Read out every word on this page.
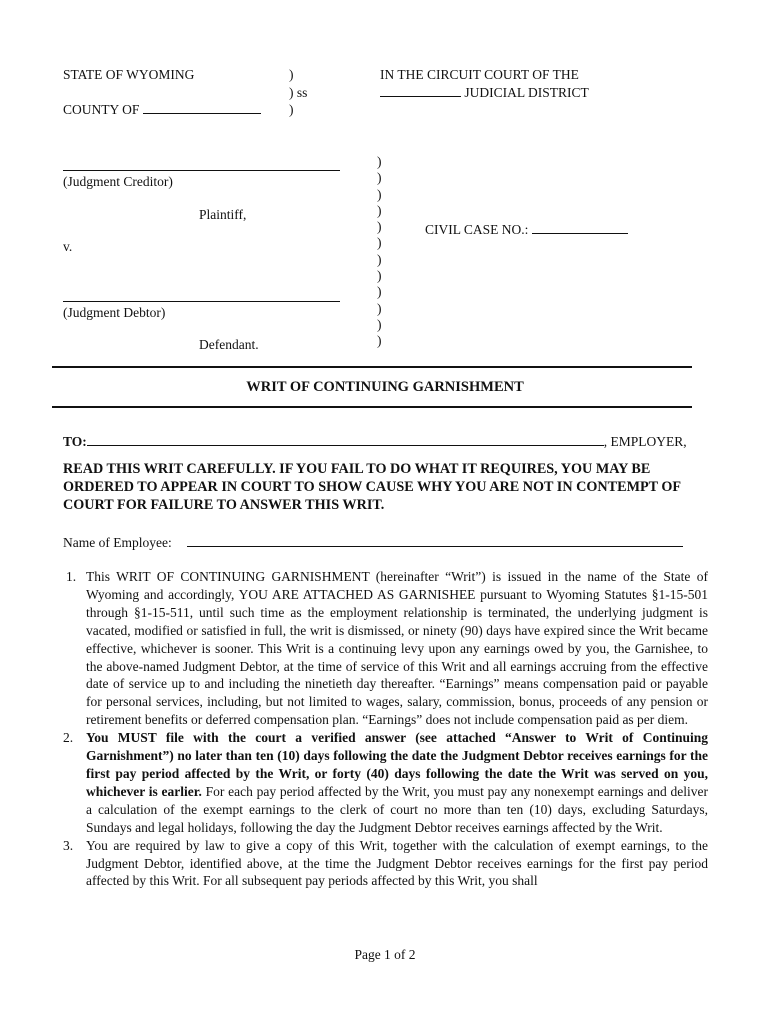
STATE OF WYOMING
COUNTY OF
)
) ss
)
IN THE CIRCUIT COURT OF THE
JUDICIAL DISTRICT
(Judgment Creditor)
Plaintiff,
v.
(Judgment Debtor)
Defendant.
)
)
)
)
)
)
)
)
)
)
)
)
CIVIL CASE NO.:
WRIT OF CONTINUING GARNISHMENT
TO:	, EMPLOYER,
READ THIS WRIT CAREFULLY. IF YOU FAIL TO DO WHAT IT REQUIRES, YOU MAY BE ORDERED TO APPEAR IN COURT TO SHOW CAUSE WHY YOU ARE NOT IN CONTEMPT OF COURT FOR FAILURE TO ANSWER THIS WRIT.
Name of Employee:
1. This WRIT OF CONTINUING GARNISHMENT (hereinafter “Writ”) is issued in the name of the State of Wyoming and accordingly, YOU ARE ATTACHED AS GARNISHEE pursuant to Wyoming Statutes §1-15-501 through §1-15-511, until such time as the employment relationship is terminated, the underlying judgment is vacated, modified or satisfied in full, the writ is dismissed, or ninety (90) days have expired since the Writ became effective, whichever is sooner. This Writ is a continuing levy upon any earnings owed by you, the Garnishee, to the above-named Judgment Debtor, at the time of service of this Writ and all earnings accruing from the effective date of service up to and including the ninetieth day thereafter. “Earnings” means compensation paid or payable for personal services, including, but not limited to wages, salary, commission, bonus, proceeds of any pension or retirement benefits or deferred compensation plan. “Earnings” does not include compensation paid as per diem.
2. You MUST file with the court a verified answer (see attached “Answer to Writ of Continuing Garnishment”) no later than ten (10) days following the date the Judgment Debtor receives earnings for the first pay period affected by the Writ, or forty (40) days following the date the Writ was served on you, whichever is earlier. For each pay period affected by the Writ, you must pay any nonexempt earnings and deliver a calculation of the exempt earnings to the clerk of court no more than ten (10) days, excluding Saturdays, Sundays and legal holidays, following the day the Judgment Debtor receives earnings affected by the Writ.
3. You are required by law to give a copy of this Writ, together with the calculation of exempt earnings, to the Judgment Debtor, identified above, at the time the Judgment Debtor receives earnings for the first pay period affected by this Writ. For all subsequent pay periods affected by this Writ, you shall
Page 1 of 2
